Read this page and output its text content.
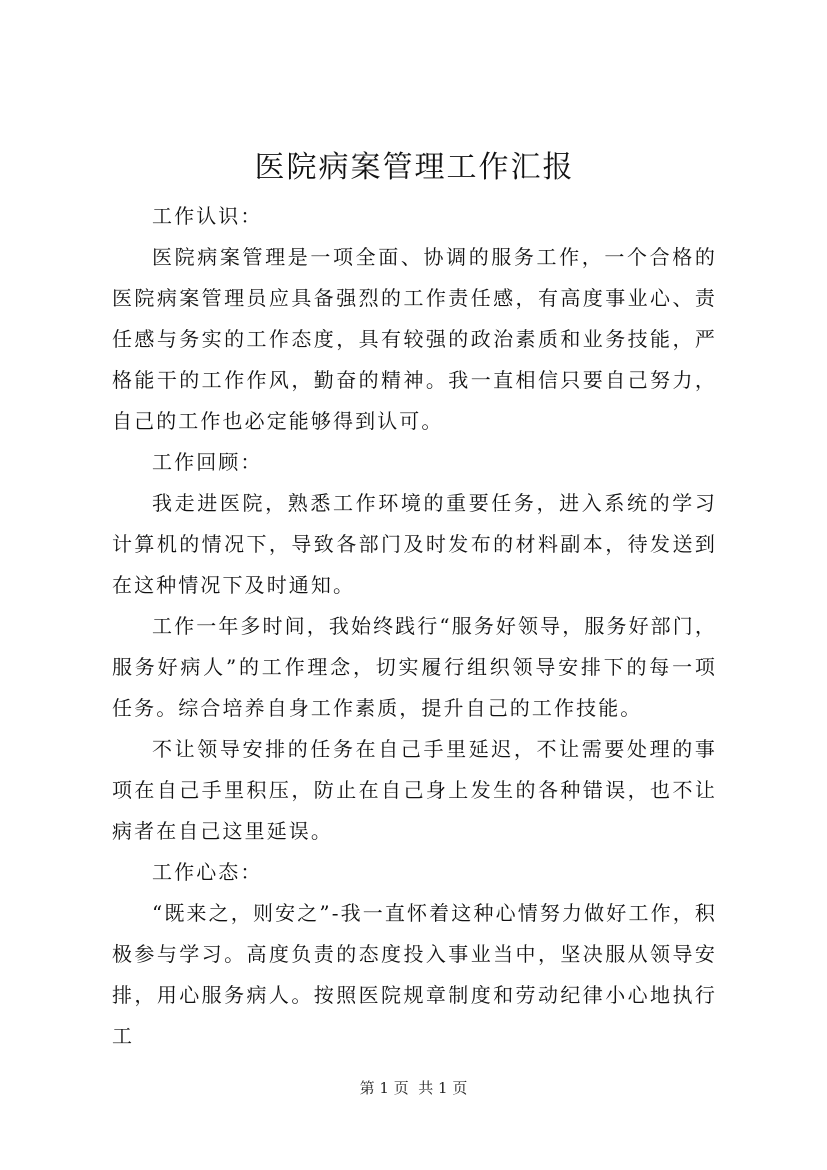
医院病案管理工作汇报

工作认识：

医院病案管理是一项全面、协调的服务工作，一个合格的医院病案管理员应具备强烈的工作责任感，有高度事业心、责任感与务实的工作态度，具有较强的政治素质和业务技能，严格能干的工作作风，勤奋的精神。我一直相信只要自己努力，自己的工作也必定能够得到认可。

工作回顾：

我走进医院，熟悉工作环境的重要任务，进入系统的学习计算机的情况下，导致各部门及时发布的材料副本，待发送到在这种情况下及时通知。

工作一年多时间，我始终践行“服务好领导，服务好部门，服务好病人”的工作理念，切实履行组织领导安排下的每一项任务。综合培养自身工作素质，提升自己的工作技能。

不让领导安排的任务在自己手里延迟，不让需要处理的事项在自己手里积压，防止在自己身上发生的各种错误，也不让病者在自己这里延误。

工作心态：

“既来之，则安之”-我一直怀着这种心情努力做好工作，积极参与学习。高度负责的态度投入事业当中，坚决服从领导安排，用心服务病人。按照医院规章制度和劳动纪律小心地执行工

第 1 页  共 1 页
